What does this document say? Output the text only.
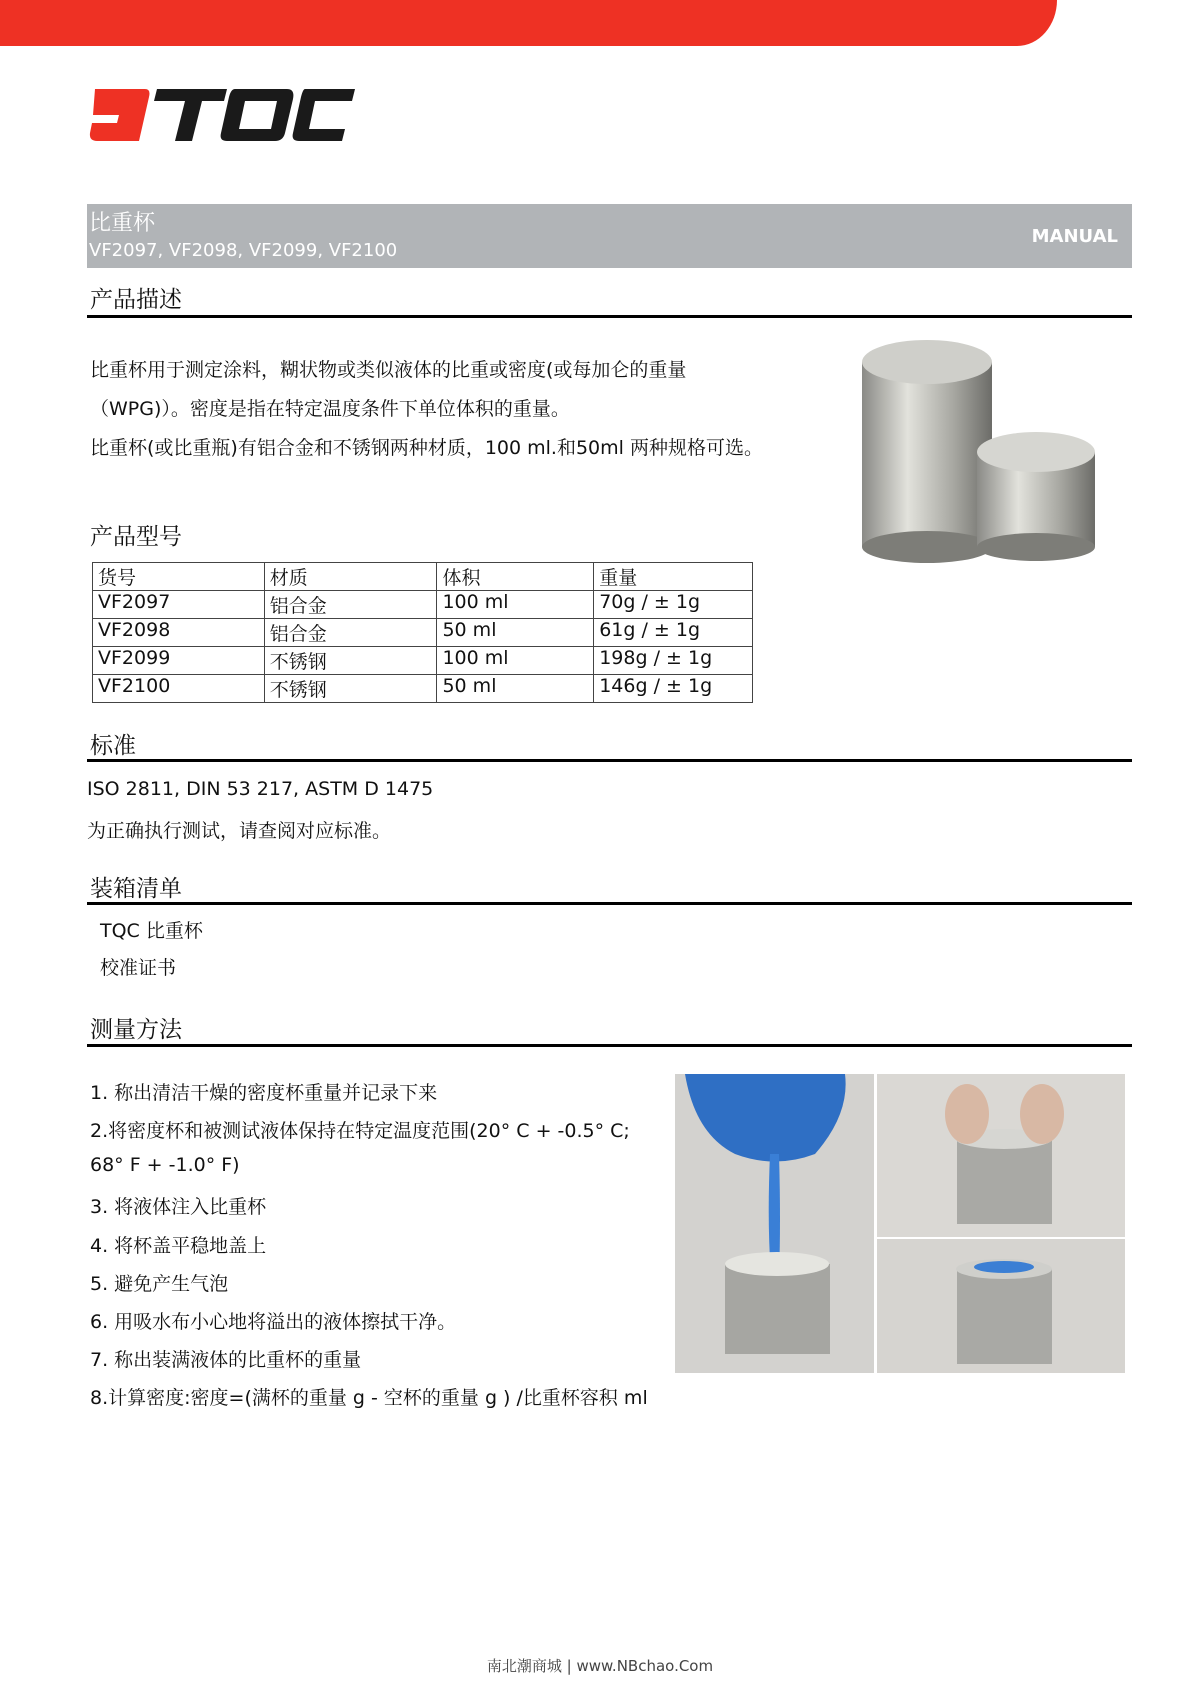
比重杯
VF2097, VF2098, VF2099, VF2100
MANUAL
产品描述
比重杯用于测定涂料，糊状物或类似液体的比重或密度(或每加仑的重量
（WPG)）。密度是指在特定温度条件下单位体积的重量。
比重杯(或比重瓶)有铝合金和不锈钢两种材质，100 ml.和50ml 两种规格可选。
产品型号
货号	材质	体积	重量
VF2097	铝合金	100 ml	70g / ± 1g
VF2098	铝合金	50 ml	61g / ± 1g
VF2099	不锈钢	100 ml	198g / ± 1g
VF2100	不锈钢	50 ml	146g / ± 1g
标准
ISO 2811, DIN 53 217, ASTM D 1475
为正确执行测试，请查阅对应标准。
装箱清单
TQC 比重杯
校准证书
测量方法
1. 称出清洁干燥的密度杯重量并记录下来
2.将密度杯和被测试液体保持在特定温度范围(20° C + -0.5° C;
68° F + -1.0° F)
3. 将液体注入比重杯
4. 将杯盖平稳地盖上
5. 避免产生气泡
6. 用吸水布小心地将溢出的液体擦拭干净。
7. 称出装满液体的比重杯的重量
8.计算密度:密度=(满杯的重量 g - 空杯的重量 g ) /比重杯容积 ml
南北潮商城 | www.NBchao.Com
